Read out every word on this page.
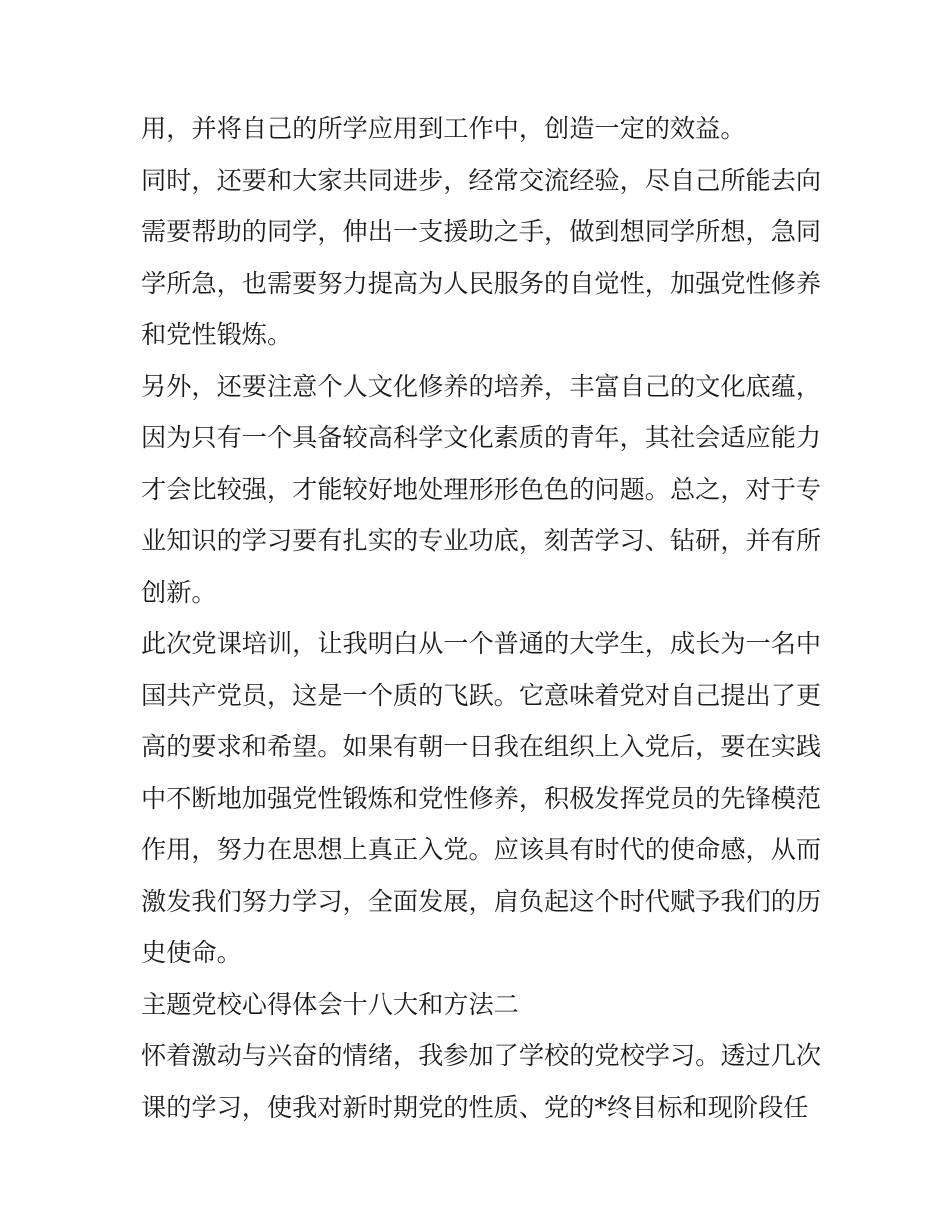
用，并将自己的所学应用到工作中，创造一定的效益。

同时，还要和大家共同进步，经常交流经验，尽自己所能去向
需要帮助的同学，伸出一支援助之手，做到想同学所想，急同
学所急，也需要努力提高为人民服务的自觉性，加强党性修养
和党性锻炼。

另外，还要注意个人文化修养的培养，丰富自己的文化底蕴，
因为只有一个具备较高科学文化素质的青年，其社会适应能力
才会比较强，才能较好地处理形形色色的问题。总之，对于专
业知识的学习要有扎实的专业功底，刻苦学习、钻研，并有所
创新。

此次党课培训，让我明白从一个普通的大学生，成长为一名中
国共产党员，这是一个质的飞跃。它意味着党对自己提出了更
高的要求和希望。如果有朝一日我在组织上入党后，要在实践
中不断地加强党性锻炼和党性修养，积极发挥党员的先锋模范
作用，努力在思想上真正入党。应该具有时代的使命感，从而
激发我们努力学习，全面发展，肩负起这个时代赋予我们的历
史使命。

主题党校心得体会十八大和方法二

怀着激动与兴奋的情绪，我参加了学校的党校学习。透过几次
课的学习，使我对新时期党的性质、党的*终目标和现阶段任
